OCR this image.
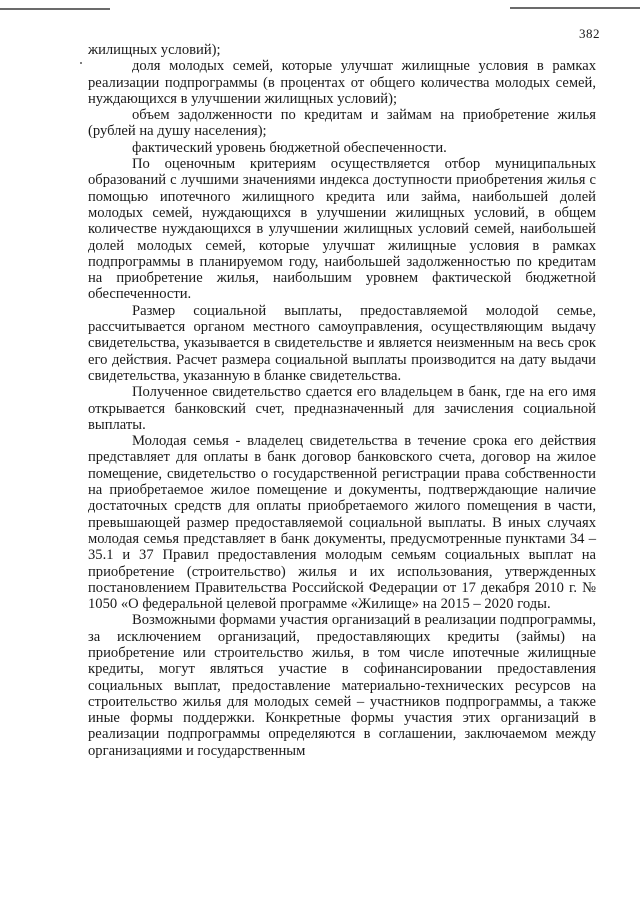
382

жилищных условий);

доля молодых семей, которые улучшат жилищные условия в рамках реализации подпрограммы (в процентах от общего количества молодых семей, нуждающихся в улучшении жилищных условий);

объем задолженности по кредитам и займам на приобретение жилья (рублей на душу населения);

фактический уровень бюджетной обеспеченности.

По оценочным критериям осуществляется отбор муниципальных образований с лучшими значениями индекса доступности приобретения жилья с помощью ипотечного жилищного кредита или займа, наибольшей долей молодых семей, нуждающихся в улучшении жилищных условий, в общем количестве нуждающихся в улучшении жилищных условий семей, наибольшей долей молодых семей, которые улучшат жилищные условия в рамках подпрограммы в планируемом году, наибольшей задолженностью по кредитам на приобретение жилья, наибольшим уровнем фактической бюджетной обеспеченности.

Размер социальной выплаты, предоставляемой молодой семье, рассчитывается органом местного самоуправления, осуществляющим выдачу свидетельства, указывается в свидетельстве и является неизменным на весь срок его действия. Расчет размера социальной выплаты производится на дату выдачи свидетельства, указанную в бланке свидетельства.

Полученное свидетельство сдается его владельцем в банк, где на его имя открывается банковский счет, предназначенный для зачисления социальной выплаты.

Молодая семья - владелец свидетельства в течение срока его действия представляет для оплаты в банк договор банковского счета, договор на жилое помещение, свидетельство о государственной регистрации права собственности на приобретаемое жилое помещение и документы, подтверждающие наличие достаточных средств для оплаты приобретаемого жилого помещения в части, превышающей размер предоставляемой социальной выплаты. В иных случаях молодая семья представляет в банк документы, предусмотренные пунктами 34 – 35.1 и 37 Правил предоставления молодым семьям социальных выплат на приобретение (строительство) жилья и их использования, утвержденных постановлением Правительства Российской Федерации от 17 декабря 2010 г. № 1050 «О федеральной целевой программе «Жилище» на 2015 – 2020 годы.

Возможными формами участия организаций в реализации подпрограммы, за исключением организаций, предоставляющих кредиты (займы) на приобретение или строительство жилья, в том числе ипотечные жилищные кредиты, могут являться участие в софинансировании предоставления социальных выплат, предоставление материально-технических ресурсов на строительство жилья для молодых семей – участников подпрограммы, а также иные формы поддержки. Конкретные формы участия этих организаций в реализации подпрограммы определяются в соглашении, заключаемом между организациями и государственным
